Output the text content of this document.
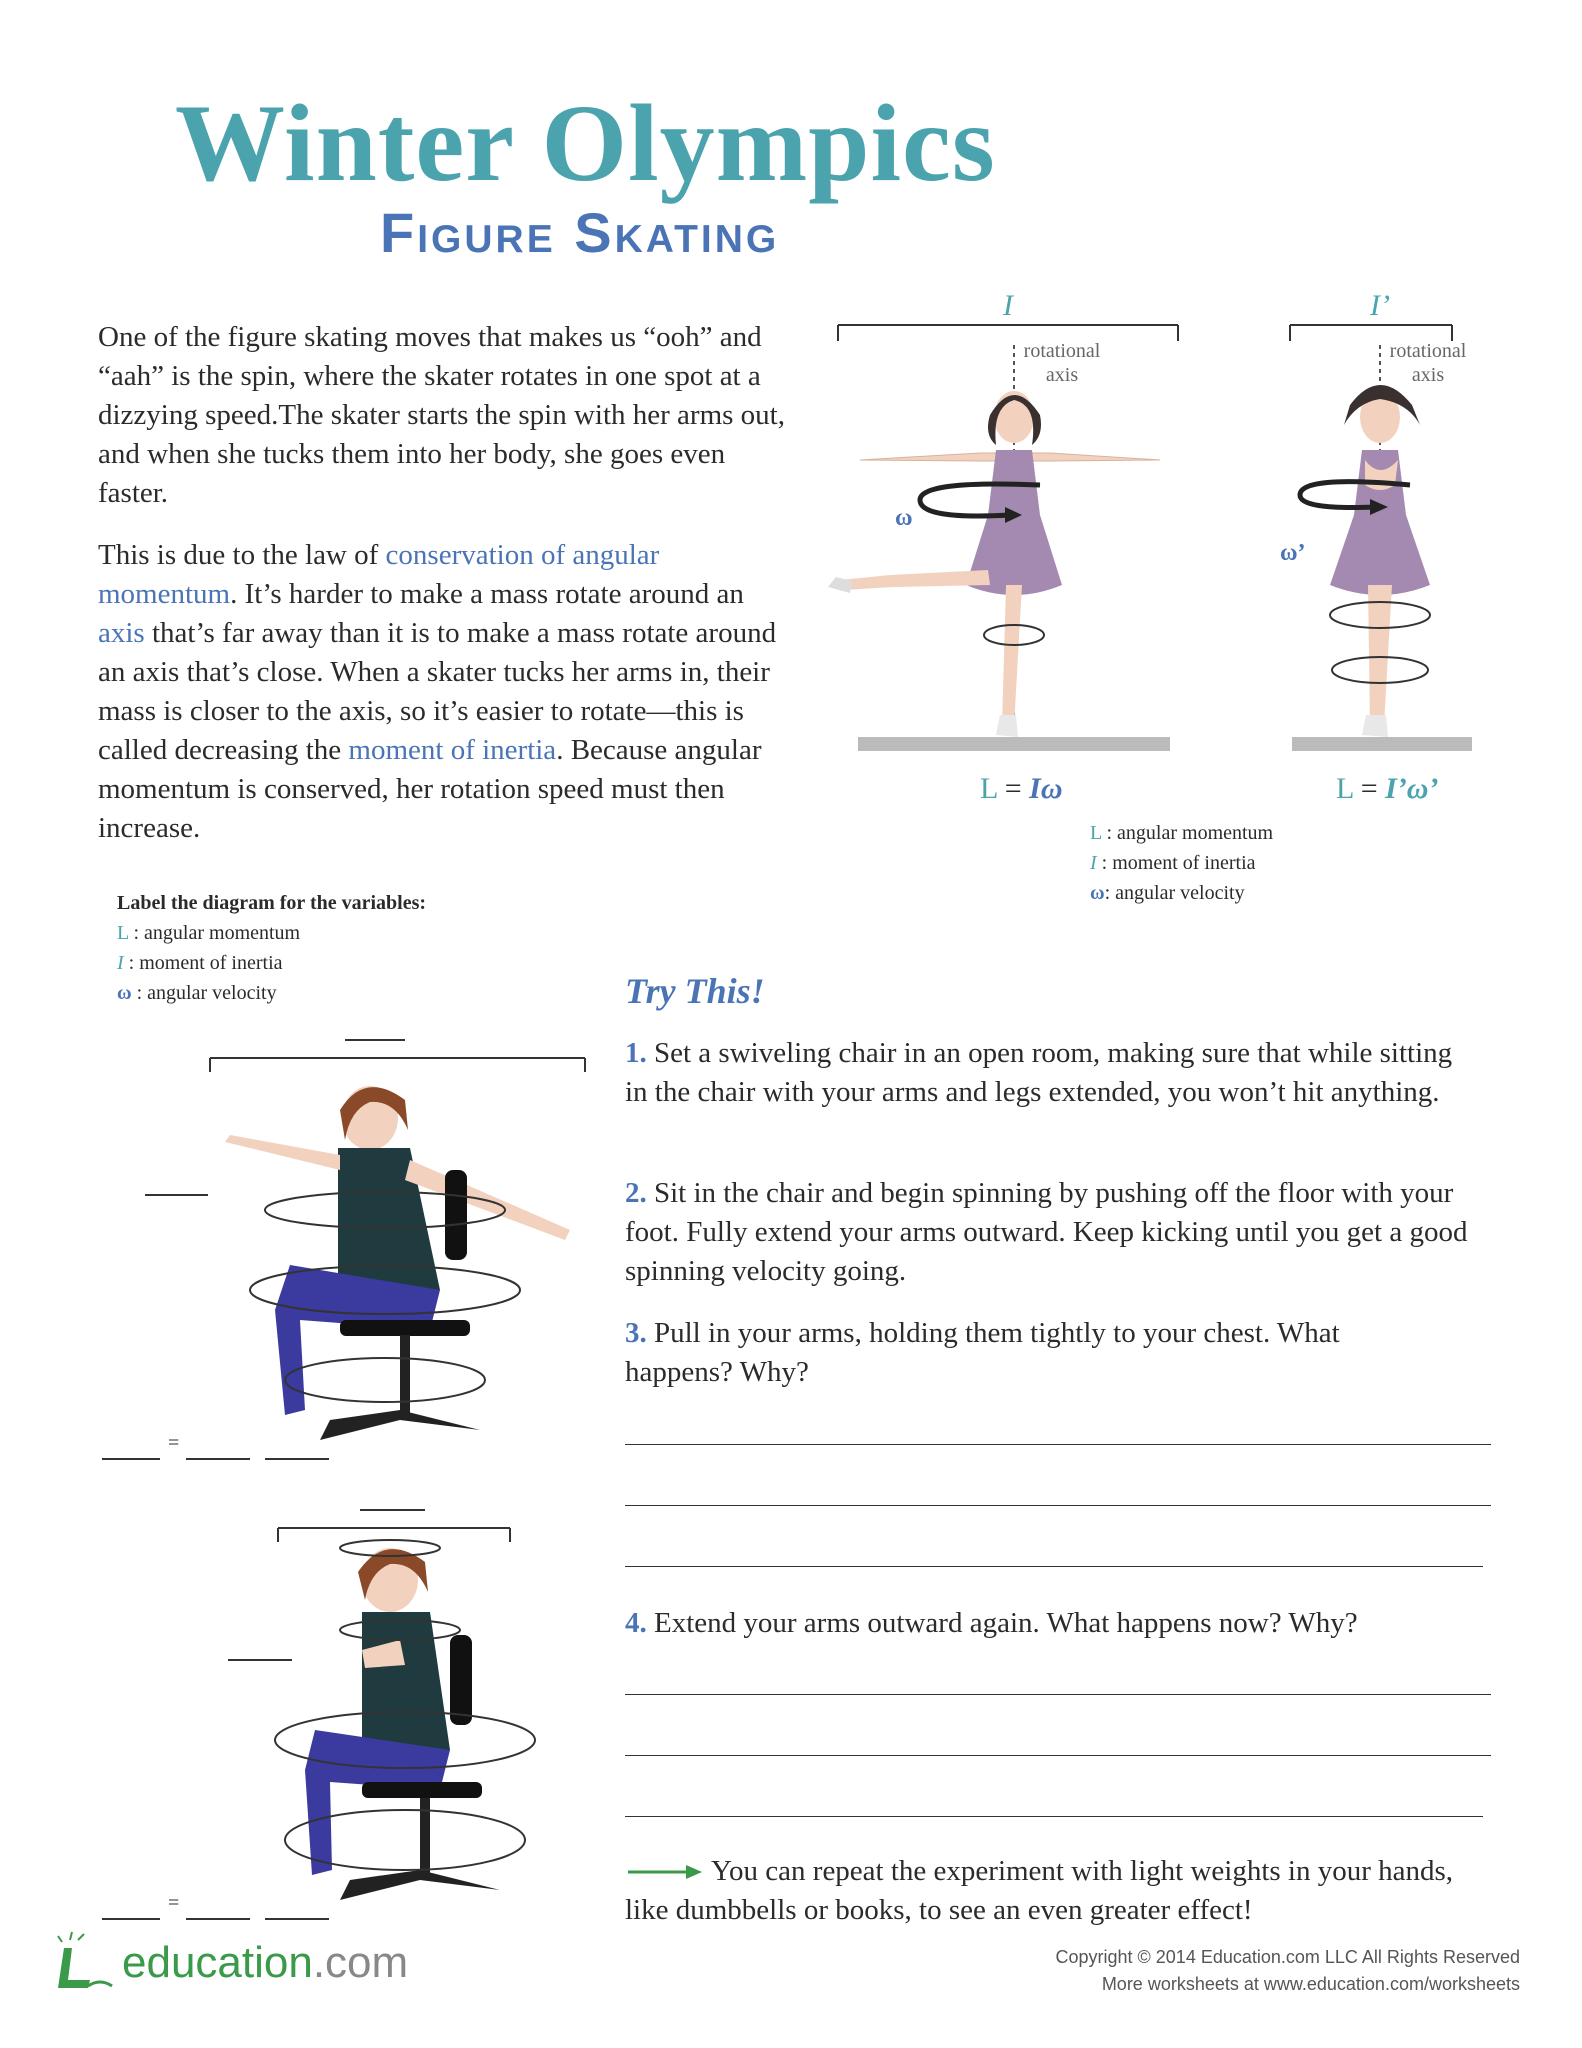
Winter Olympics
Figure Skating
One of the figure skating moves that makes us “ooh” and “aah” is the spin, where the skater rotates in one spot at a dizzying speed.The skater starts the spin with her arms out, and when she tucks them into her body, she goes even faster.
This is due to the law of conservation of angular momentum. It’s harder to make a mass rotate around an axis that’s far away than it is to make a mass rotate around an axis that’s close. When a skater tucks her arms in, their mass is closer to the axis, so it’s easier to rotate—this is called decreasing the moment of inertia. Because angular momentum is conserved, her rotation speed must then increase.
I	I’
rotational
axis
rotational
axis
ω
ω’
L = Iω	L = I’ω’
L : angular momentum
I : moment of inertia
ω: angular velocity
Label the diagram for the variables:
L : angular momentum
I : moment of inertia
ω : angular velocity
=
=
Try This!
1. Set a swiveling chair in an open room, making sure that while sitting in the chair with your arms and legs extended, you won’t hit anything.
2. Sit in the chair and begin spinning by pushing off the floor with your foot. Fully extend your arms outward. Keep kicking until you get a good spinning velocity going.
3. Pull in your arms, holding them tightly to your chest. What happens? Why?
4. Extend your arms outward again. What happens now? Why?
You can repeat the experiment with light weights in your hands, like dumbbells or books, to see an even greater effect!
education.com	Copyright © 2014 Education.com LLC All Rights Reserved
More worksheets at www.education.com/worksheets
